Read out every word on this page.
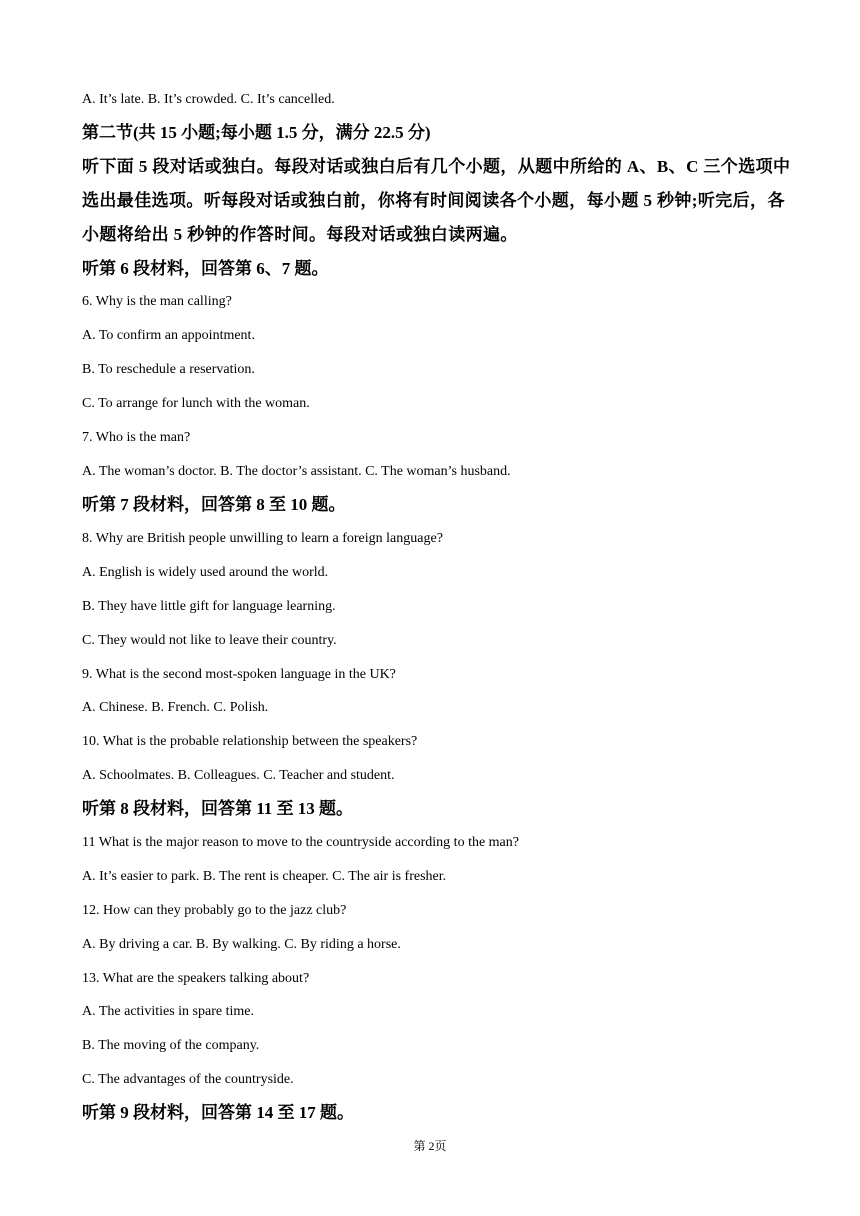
A. It’s late. B. It’s crowded. C. It’s cancelled.
第二节(共 15 小题;每小题 1.5 分，满分 22.5 分)
听下面 5 段对话或独白。每段对话或独白后有几个小题，从题中所给的 A、B、C 三个选项中
选出最佳选项。听每段对话或独白前，你将有时间阅读各个小题，每小题 5 秒钟;听完后，各
小题将给出 5 秒钟的作答时间。每段对话或独白读两遍。
听第 6 段材料，回答第 6、7 题。
6. Why is the man calling?
A. To confirm an appointment.
B. To reschedule a reservation.
C. To arrange for lunch with the woman.
7. Who is the man?
A. The woman’s doctor. B. The doctor’s assistant. C. The woman’s husband.
听第 7 段材料，回答第 8 至 10 题。
8. Why are British people unwilling to learn a foreign language?
A. English is widely used around the world.
B. They have little gift for language learning.
C. They would not like to leave their country.
9. What is the second most-spoken language in the UK?
A. Chinese. B. French. C. Polish.
10. What is the probable relationship between the speakers?
A. Schoolmates. B. Colleagues. C. Teacher and student.
听第 8 段材料，回答第 11 至 13 题。
11 What is the major reason to move to the countryside according to the man?
A. It’s easier to park. B. The rent is cheaper. C. The air is fresher.
12. How can they probably go to the jazz club?
A. By driving a car. B. By walking. C. By riding a horse.
13. What are the speakers talking about?
A. The activities in spare time.
B. The moving of the company.
C. The advantages of the countryside.
听第 9 段材料，回答第 14 至 17 题。
第 2页
